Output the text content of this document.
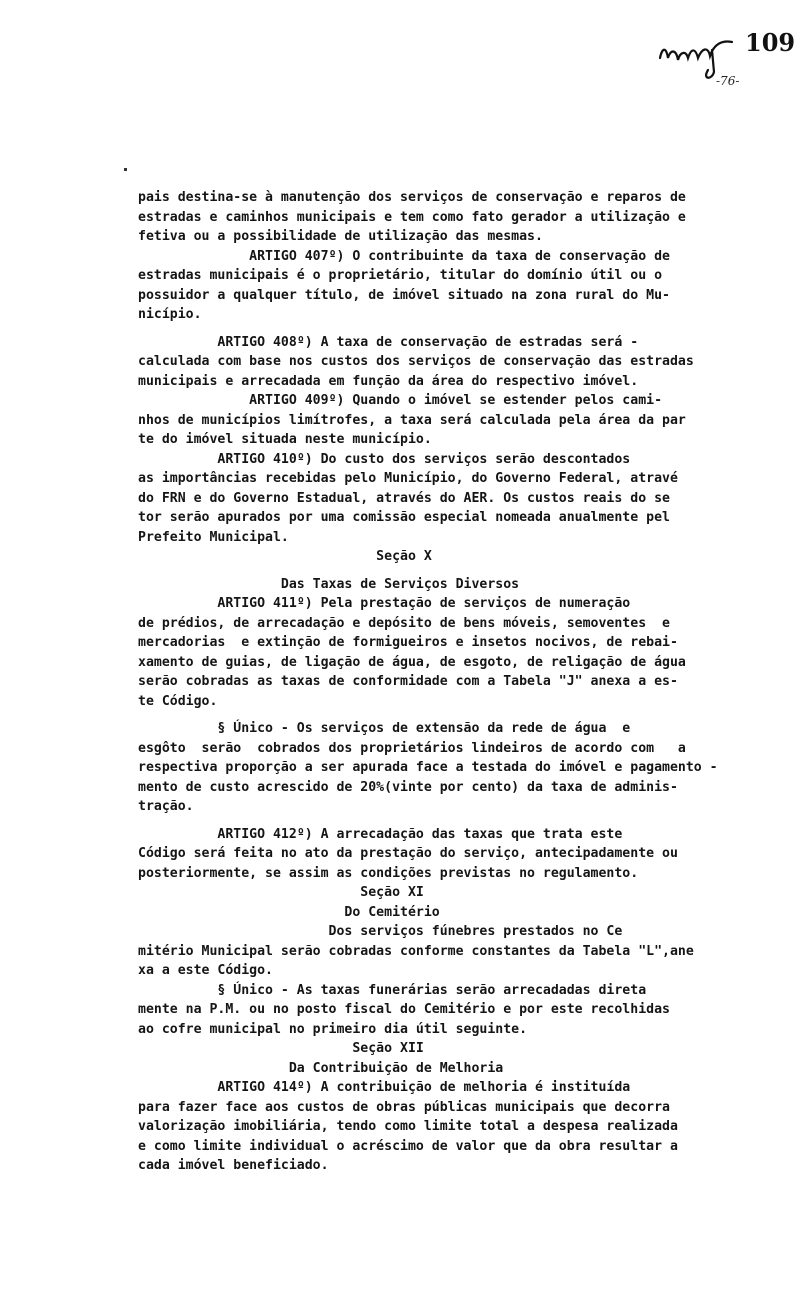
109
-76-
pais destina-se à manutenção dos serviços de conservação e reparos de
estradas e caminhos municipais e tem como fato gerador a utilização e
fetiva ou a possibilidade de utilização das mesmas.
ARTIGO 407º) O contribuinte da taxa de conservação de
estradas municipais é o proprietário, titular do domínio útil ou o
possuidor a qualquer título, de imóvel situado na zona rural do Mu-
nicípio.
ARTIGO 408º) A taxa de conservação de estradas será -
calculada com base nos custos dos serviços de conservação das estradas
municipais e arrecadada em função da área do respectivo imóvel.
ARTIGO 409º) Quando o imóvel se estender pelos cami-
nhos de municípios limítrofes, a taxa será calculada pela área da par
te do imóvel situada neste município.
ARTIGO 410º) Do custo dos serviços serão descontados
as importâncias recebidas pelo Município, do Governo Federal, atravé
do FRN e do Governo Estadual, através do AER. Os custos reais do se
tor serão apurados por uma comissão especial nomeada anualmente pel
Prefeito Municipal.
Seção X
Das Taxas de Serviços Diversos
ARTIGO 411º) Pela prestação de serviços de numeração
de prédios, de arrecadação e depósito de bens móveis, semoventes  e
mercadorias  e extinção de formigueiros e insetos nocivos, de rebai-
xamento de guias, de ligação de água, de esgoto, de religação de água
serão cobradas as taxas de conformidade com a Tabela "J" anexa a es-
te Código.
§ Único - Os serviços de extensão da rede de água  e
esgôto  serão  cobrados dos proprietários lindeiros de acordo com   a
respectiva proporção a ser apurada face a testada do imóvel e pagamento -
mento de custo acrescido de 20%(vinte por cento) da taxa de adminis-
tração.
ARTIGO 412º) A arrecadação das taxas que trata este
Código será feita no ato da prestação do serviço, antecipadamente ou
posteriormente, se assim as condições previstas no regulamento.
Seção XI
Do Cemitério
Dos serviços fúnebres prestados no Ce
mitério Municipal serão cobradas conforme constantes da Tabela "L",ane
xa a este Código.
§ Único - As taxas funerárias serão arrecadadas direta
mente na P.M. ou no posto fiscal do Cemitério e por este recolhidas
ao cofre municipal no primeiro dia útil seguinte.
Seção XII
Da Contribuição de Melhoria
ARTIGO 414º) A contribuição de melhoria é instituída
para fazer face aos custos de obras públicas municipais que decorra
valorização imobiliária, tendo como limite total a despesa realizada
e como limite individual o acréscimo de valor que da obra resultar a
cada imóvel beneficiado.
